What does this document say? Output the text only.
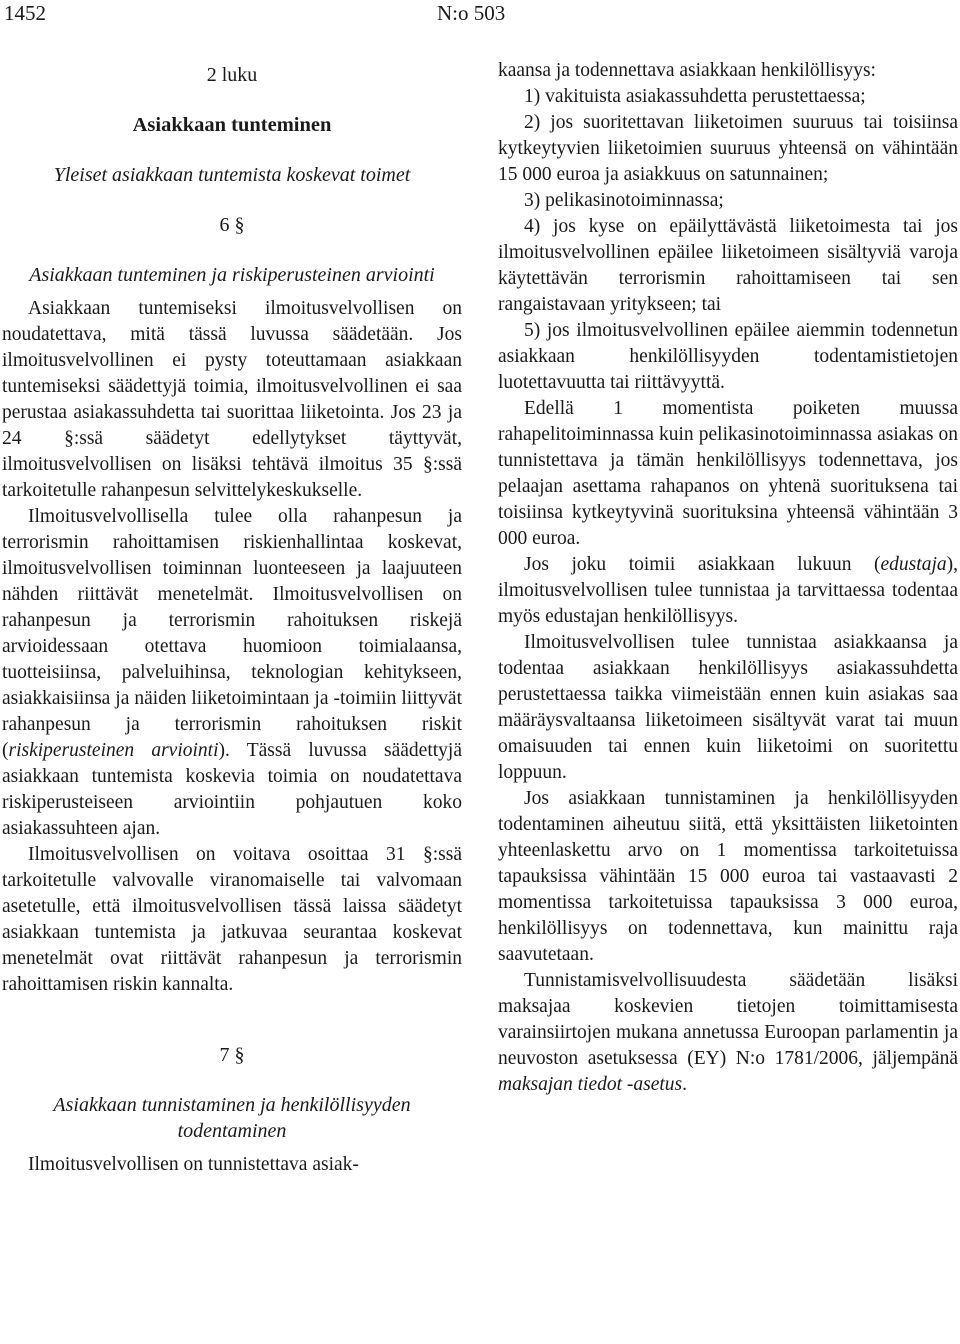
1452	N:o 503

2 luku

Asiakkaan tunteminen

Yleiset asiakkaan tuntemista koskevat toimet

6 §

Asiakkaan tunteminen ja riskiperusteinen arviointi

Asiakkaan tuntemiseksi ilmoitusvelvollisen on noudatettava, mitä tässä luvussa säädetään. Jos ilmoitusvelvollinen ei pysty toteuttamaan asiakkaan tuntemiseksi säädettyjä toimia, ilmoitusvelvollinen ei saa perustaa asiakassuhdetta tai suorittaa liiketointa. Jos 23 ja 24 §:ssä säädetyt edellytykset täyttyvät, ilmoitusvelvollisen on lisäksi tehtävä ilmoitus 35 §:ssä tarkoitetulle rahanpesun selvittelykeskukselle.

Ilmoitusvelvollisella tulee olla rahanpesun ja terrorismin rahoittamisen riskienhallintaa koskevat, ilmoitusvelvollisen toiminnan luonteeseen ja laajuuteen nähden riittävät menetelmät. Ilmoitusvelvollisen on rahanpesun ja terrorismin rahoituksen riskejä arvioidessaan otettava huomioon toimialaansa, tuotteisiinsa, palveluihinsa, teknologian kehitykseen, asiakkaisiinsa ja näiden liiketoimintaan ja -toimiin liittyvät rahanpesun ja terrorismin rahoituksen riskit (riskiperusteinen arviointi). Tässä luvussa säädettyjä asiakkaan tuntemista koskevia toimia on noudatettava riskiperusteiseen arviointiin pohjautuen koko asiakassuhteen ajan.

Ilmoitusvelvollisen on voitava osoittaa 31 §:ssä tarkoitetulle valvovalle viranomaiselle tai valvomaan asetetulle, että ilmoitusvelvollisen tässä laissa säädetyt asiakkaan tuntemista ja jatkuvaa seurantaa koskevat menetelmät ovat riittävät rahanpesun ja terrorismin rahoittamisen riskin kannalta.

7 §

Asiakkaan tunnistaminen ja henkilöllisyyden todentaminen

Ilmoitusvelvollisen on tunnistettava asiak-

kaansa ja todennettava asiakkaan henkilöllisyys:

1) vakituista asiakassuhdetta perustettaessa;

2) jos suoritettavan liiketoimen suuruus tai toisiinsa kytkeytyvien liiketoimien suuruus yhteensä on vähintään 15 000 euroa ja asiakkuus on satunnainen;

3) pelikasinotoiminnassa;

4) jos kyse on epäilyttävästä liiketoimesta tai jos ilmoitusvelvollinen epäilee liiketoimeen sisältyviä varoja käytettävän terrorismin rahoittamiseen tai sen rangaistavaan yritykseen; tai

5) jos ilmoitusvelvollinen epäilee aiemmin todennetun asiakkaan henkilöllisyyden todentamistietojen luotettavuutta tai riittävyyttä.

Edellä 1 momentista poiketen muussa rahapelitoiminnassa kuin pelikasinotoiminnassa asiakas on tunnistettava ja tämän henkilöllisyys todennettava, jos pelaajan asettama rahapanos on yhtenä suorituksena tai toisiinsa kytkeytyvinä suorituksina yhteensä vähintään 3 000 euroa.

Jos joku toimii asiakkaan lukuun (edustaja), ilmoitusvelvollisen tulee tunnistaa ja tarvittaessa todentaa myös edustajan henkilöllisyys.

Ilmoitusvelvollisen tulee tunnistaa asiakkaansa ja todentaa asiakkaan henkilöllisyys asiakassuhdetta perustettaessa taikka viimeistään ennen kuin asiakas saa määräysvaltaansa liiketoimeen sisältyvät varat tai muun omaisuuden tai ennen kuin liiketoimi on suoritettu loppuun.

Jos asiakkaan tunnistaminen ja henkilöllisyyden todentaminen aiheutuu siitä, että yksittäisten liiketointen yhteenlaskettu arvo on 1 momentissa tarkoitetuissa tapauksissa vähintään 15 000 euroa tai vastaavasti 2 momentissa tarkoitetuissa tapauksissa 3 000 euroa, henkilöllisyys on todennettava, kun mainittu raja saavutetaan.

Tunnistamisvelvollisuudesta säädetään lisäksi maksajaa koskevien tietojen toimittamisesta varainsiirtojen mukana annetussa Euroopan parlamentin ja neuvoston asetuksessa (EY) N:o 1781/2006, jäljempänä maksajan tiedot -asetus.
